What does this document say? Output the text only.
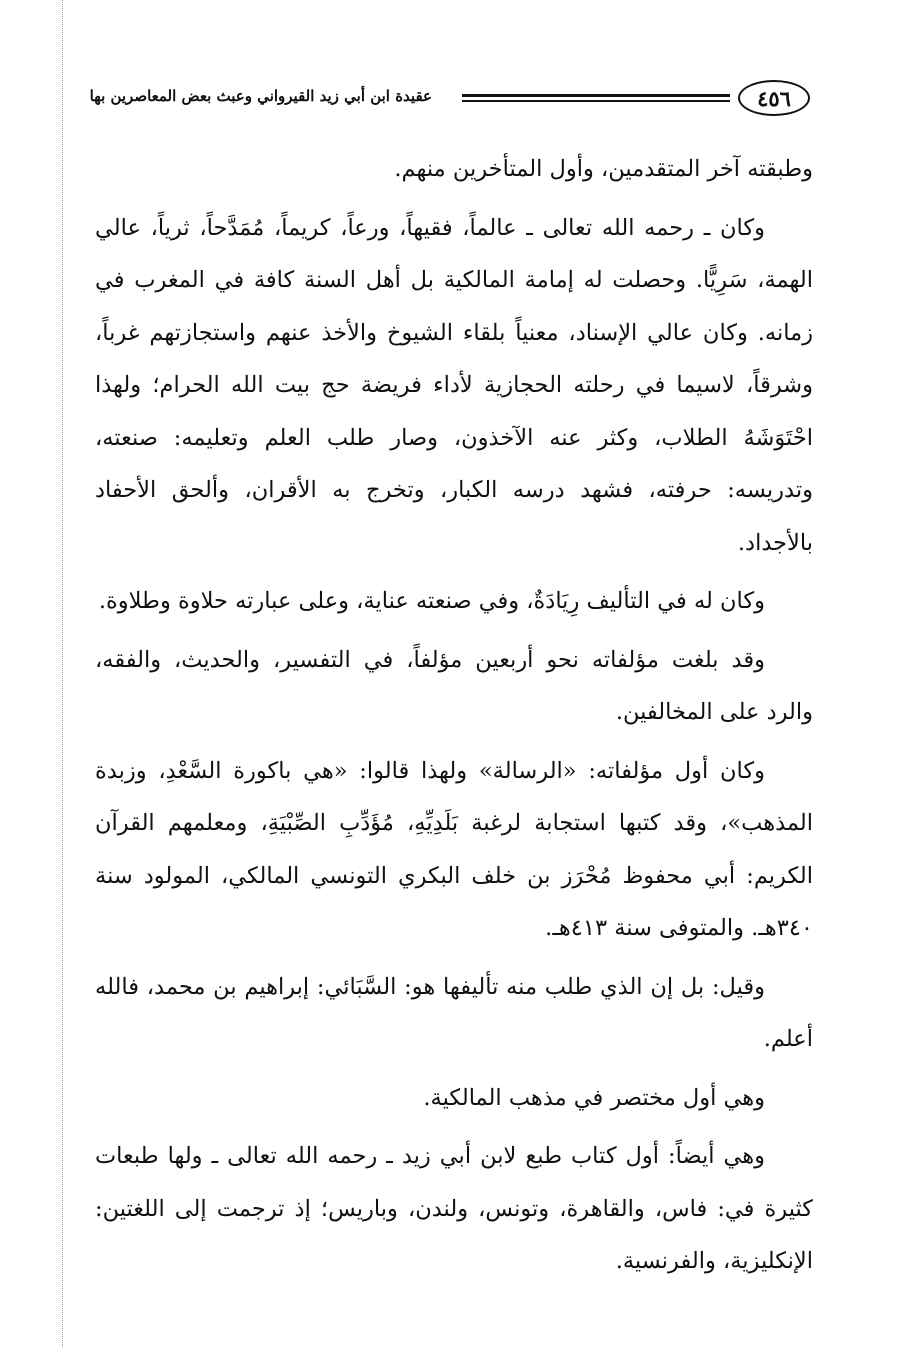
٤٥٦
عقيدة ابن أبي زيد القيرواني وعبث بعض المعاصرين بها

وطبقته آخر المتقدمين، وأول المتأخرين منهم.

وكان ـ رحمه الله تعالى ـ عالماً، فقيهاً، ورعاً، كريماً، مُمَدَّحاً، ثرياً، عالي الهمة، سَرِيًّا. وحصلت له إمامة المالكية بل أهل السنة كافة في المغرب في زمانه. وكان عالي الإسناد، معنياً بلقاء الشيوخ والأخذ عنهم واستجازتهم غرباً، وشرقاً، لاسيما في رحلته الحجازية لأداء فريضة حج بيت الله الحرام؛ ولهذا احْتَوَشَهُ الطلاب، وكثر عنه الآخذون، وصار طلب العلم وتعليمه: صنعته، وتدريسه: حرفته، فشهد درسه الكبار، وتخرج به الأقران، وألحق الأحفاد بالأجداد.

وكان له في التأليف رِيَادَةٌ، وفي صنعته عناية، وعلى عبارته حلاوة وطلاوة.

وقد بلغت مؤلفاته نحو أربعين مؤلفاً، في التفسير، والحديث، والفقه، والرد على المخالفين.

وكان أول مؤلفاته: «الرسالة» ولهذا قالوا: «هي باكورة السَّعْدِ، وزبدة المذهب»، وقد كتبها استجابة لرغبة بَلَدِيِّهِ، مُؤَدِّبِ الصِّبْيَةِ، ومعلمهم القرآن الكريم: أبي محفوظ مُحْرَز بن خلف البكري التونسي المالكي، المولود سنة ٣٤٠هـ. والمتوفى سنة ٤١٣هـ.

وقيل: بل إن الذي طلب منه تأليفها هو: السَّبَائي: إبراهيم بن محمد، فالله أعلم.

وهي أول مختصر في مذهب المالكية.

وهي أيضاً: أول كتاب طبع لابن أبي زيد ـ رحمه الله تعالى ـ ولها طبعات كثيرة في: فاس، والقاهرة، وتونس، ولندن، وباريس؛ إذ ترجمت إلى اللغتين: الإنكليزية، والفرنسية.
